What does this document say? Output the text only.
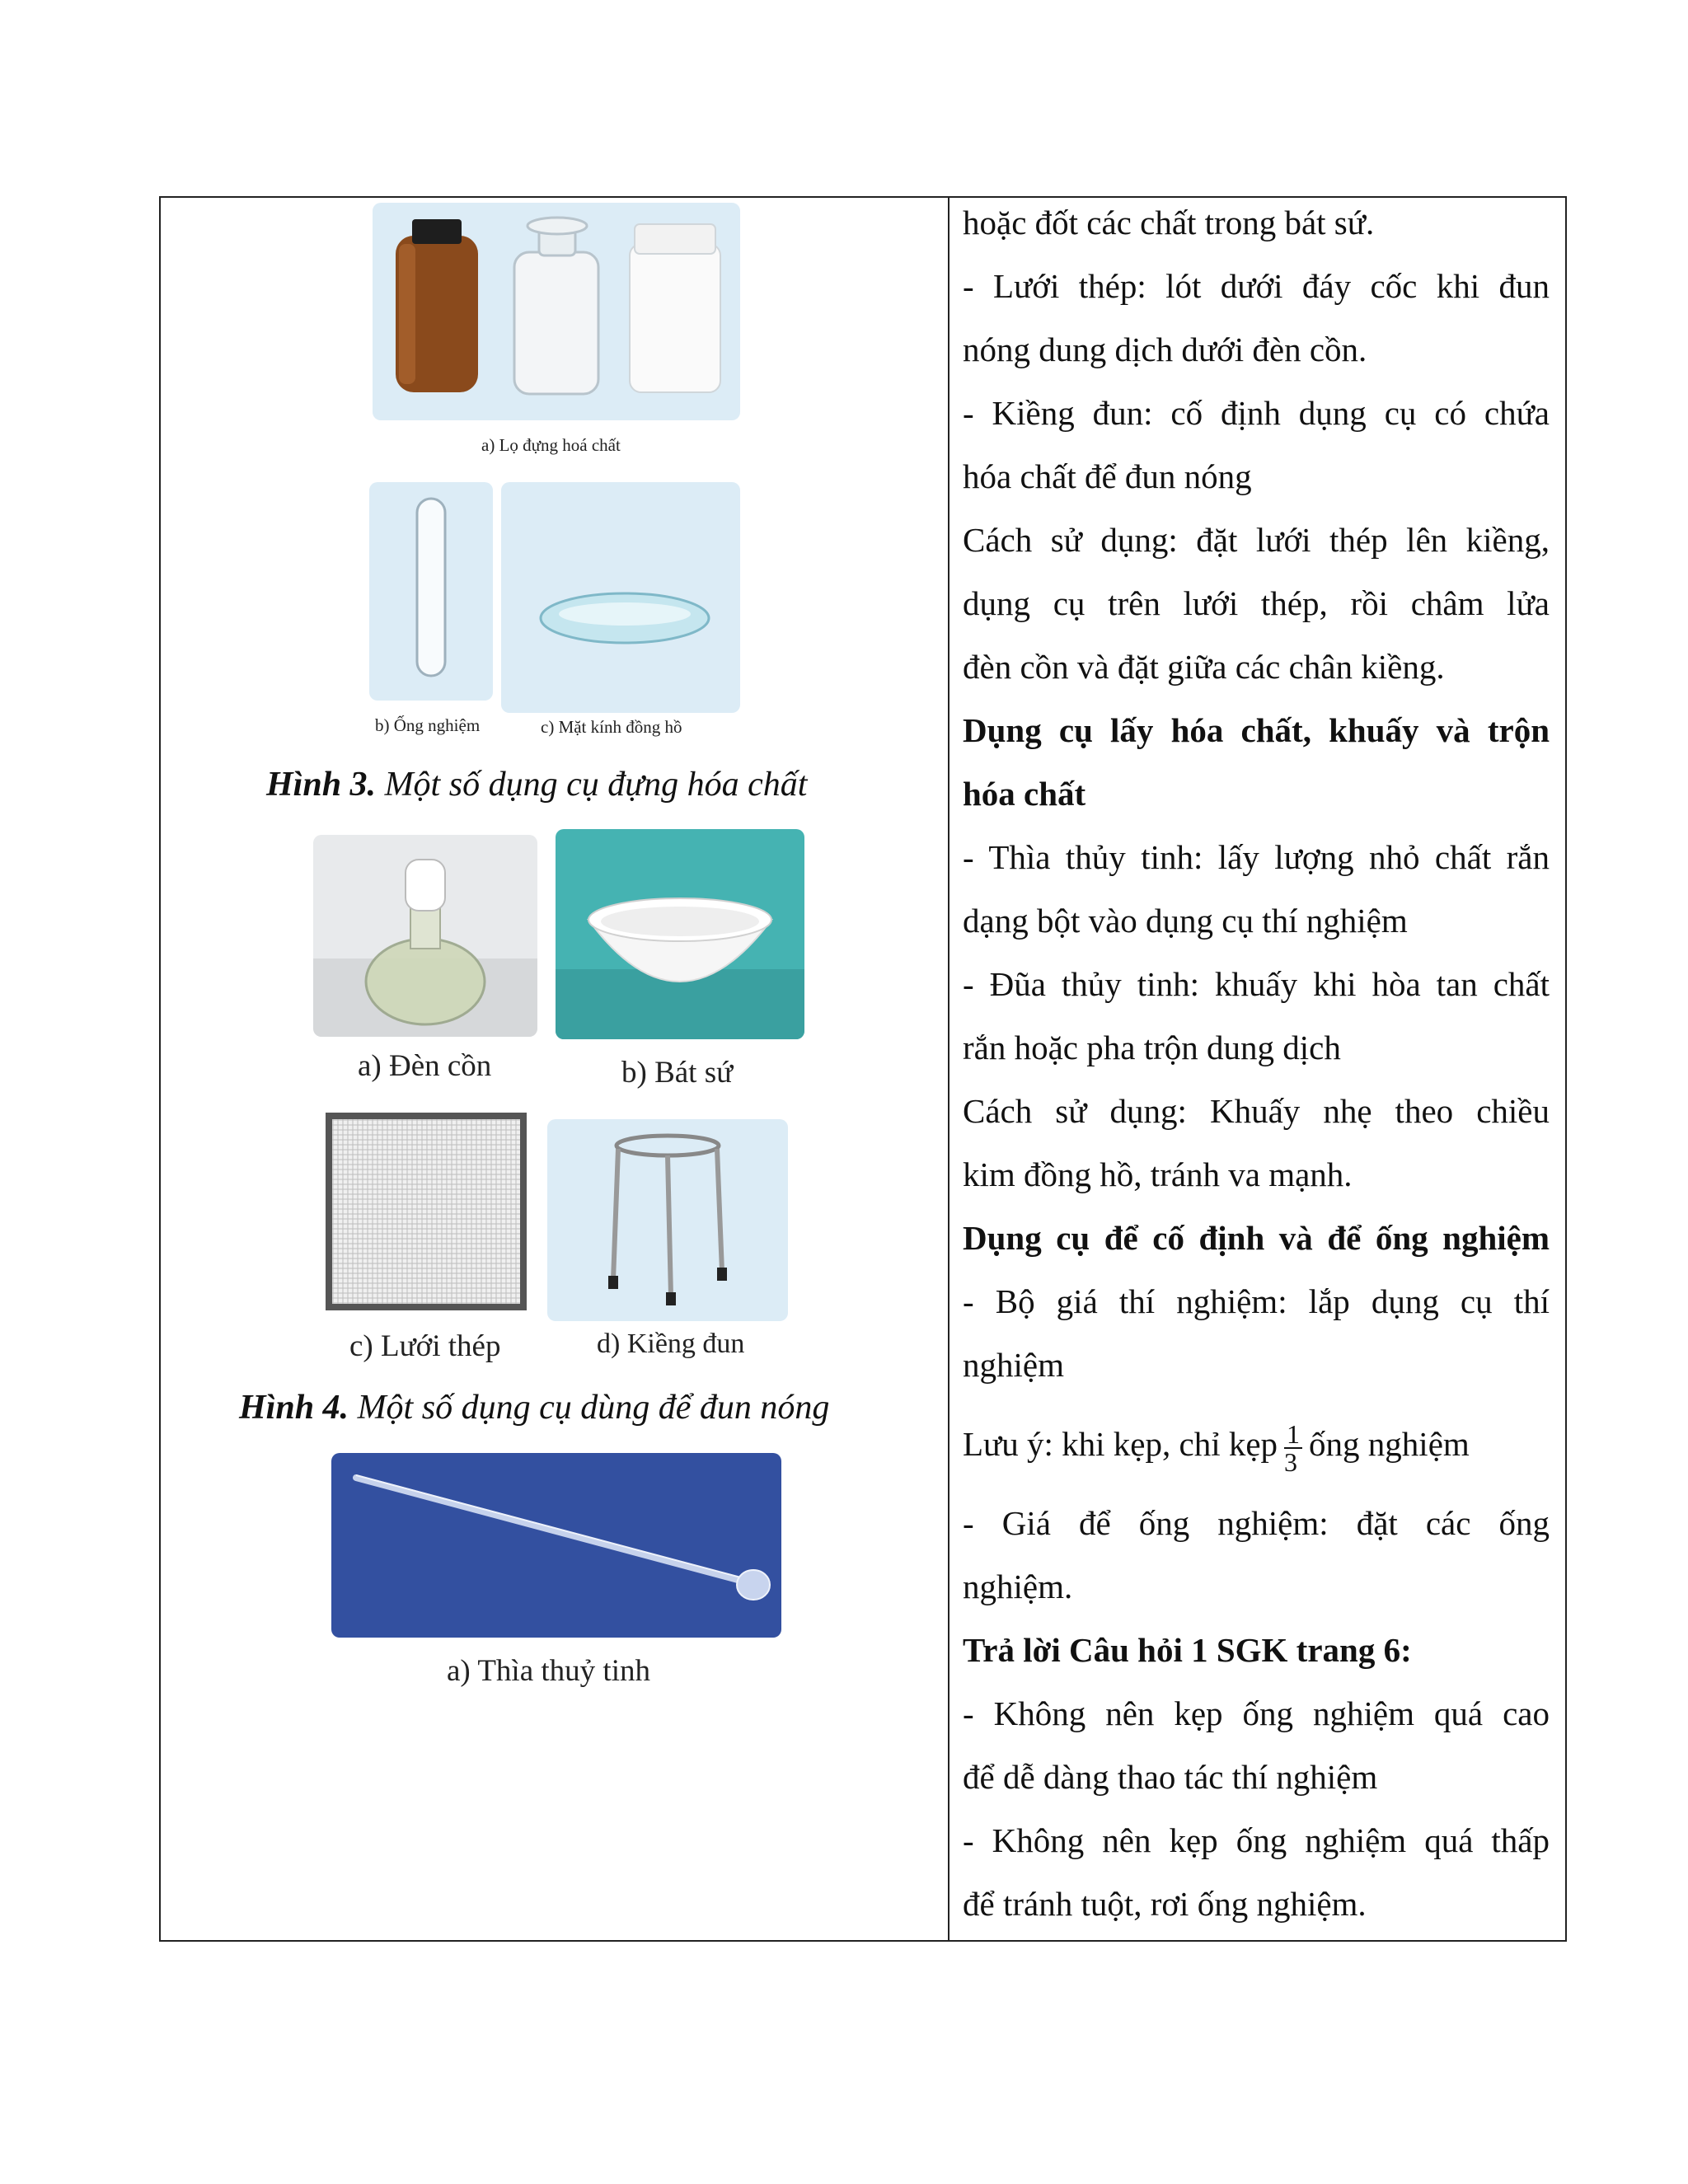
a) Lọ đựng hoá chất
b) Ống nghiệm	c) Mặt kính đồng hồ
Hình 3. Một số dụng cụ đựng hóa chất
a) Đèn cồn	b) Bát sứ
c) Lưới thép	d) Kiềng đun
Hình 4. Một số dụng cụ dùng để đun nóng
a) Thìa thuỷ tinh
hoặc đốt các chất trong bát sứ.
- Lưới thép: lót dưới đáy cốc khi đun
nóng dung dịch dưới đèn cồn.
- Kiềng đun: cố định dụng cụ có chứa
hóa chất để đun nóng
Cách sử dụng: đặt lưới thép lên kiềng,
dụng cụ trên lưới thép, rồi châm lửa
đèn cồn và đặt giữa các chân kiềng.
Dụng cụ lấy hóa chất, khuấy và trộn
hóa chất
- Thìa thủy tinh: lấy lượng nhỏ chất rắn
dạng bột vào dụng cụ thí nghiệm
- Đũa thủy tinh: khuấy khi hòa tan chất
rắn hoặc pha trộn dung dịch
Cách sử dụng: Khuấy nhẹ theo chiều
kim đồng hồ, tránh va mạnh.
Dụng cụ để cố định và để ống nghiệm
- Bộ giá thí nghiệm: lắp dụng cụ thí
nghiệm
Lưu ý: khi kẹp, chỉ kẹp $\frac{1}{3}$ ống nghiệm
- Giá để ống nghiệm: đặt các ống
nghiệm.
Trả lời Câu hỏi 1 SGK trang 6:
- Không nên kẹp ống nghiệm quá cao
để dễ dàng thao tác thí nghiệm
- Không nên kẹp ống nghiệm quá thấp
để tránh tuột, rơi ống nghiệm.
